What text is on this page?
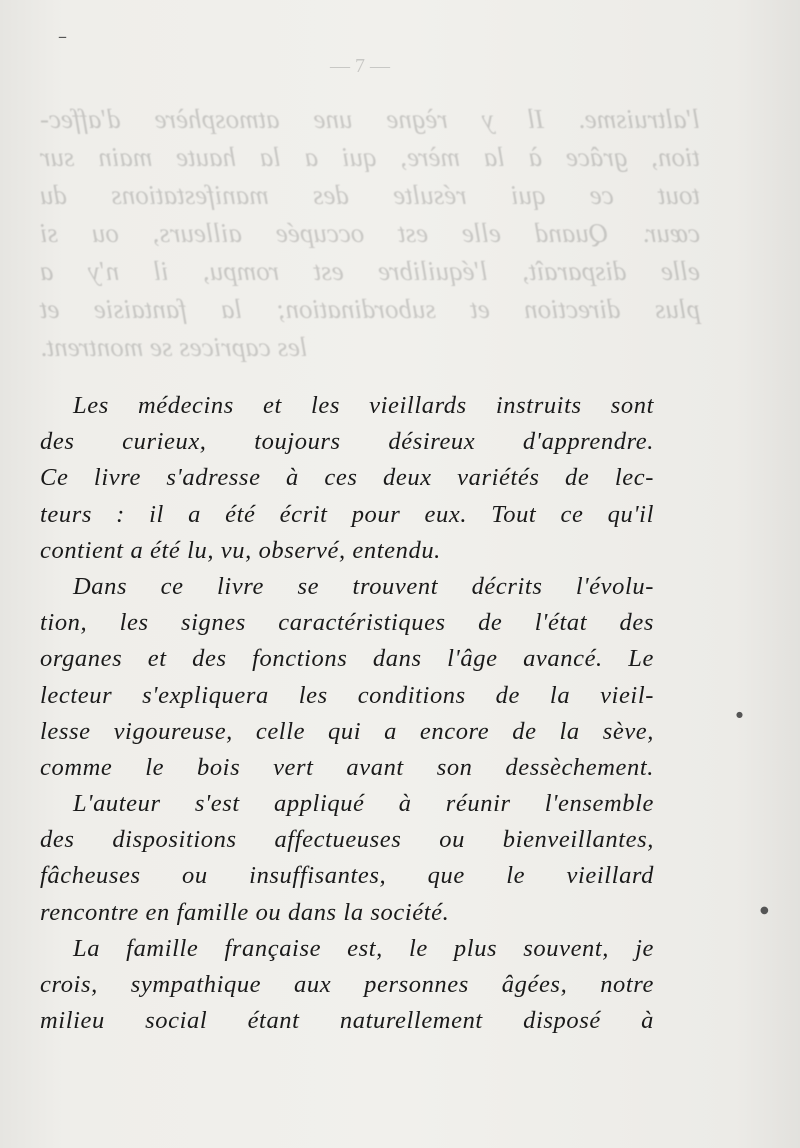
— 7 —
l'altruisme. Il y règne une atmosphère d'affec-
tion, grâce à la mère, qui a la haute main sur
tout ce qui résulte des manifestations du
cœur. Quand elle est occupée ailleurs, ou si
elle disparaît, l'équilibre est rompu, il n'y a
plus direction et subordination; la fantaisie et
les caprices se montrent.
Les médecins et les vieillards instruits sont
des curieux, toujours désireux d'apprendre.
Ce livre s'adresse à ces deux variétés de lec-
teurs : il a été écrit pour eux. Tout ce qu'il
contient a été lu, vu, observé, entendu.
Dans ce livre se trouvent décrits l'évolu-
tion, les signes caractéristiques de l'état des
organes et des fonctions dans l'âge avancé. Le
lecteur s'expliquera les conditions de la vieil-
lesse vigoureuse, celle qui a encore de la sève,
comme le bois vert avant son dessèchement.
L'auteur s'est appliqué à réunir l'ensemble
des dispositions affectueuses ou bienveillantes,
fâcheuses ou insuffisantes, que le vieillard
rencontre en famille ou dans la société.
La famille française est, le plus souvent, je
crois, sympathique aux personnes âgées, notre
milieu social étant naturellement disposé à
–
●
●
